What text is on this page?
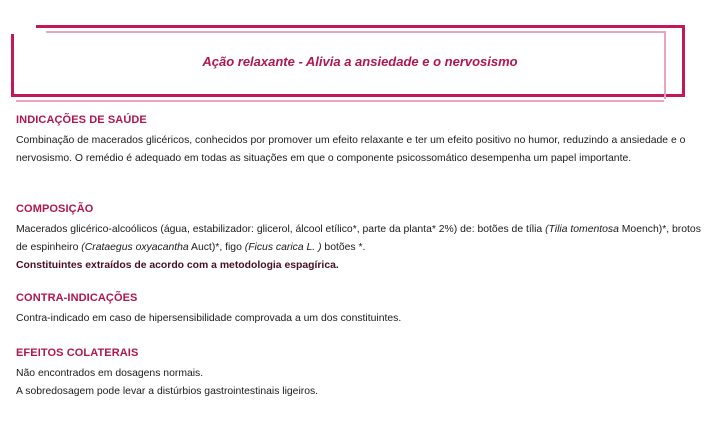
Ação relaxante - Alivia a ansiedade e o nervosismo
INDICAÇÕES DE SAÚDE

Combinação de macerados glicéricos, conhecidos por promover um efeito relaxante e ter um efeito positivo no humor, reduzindo a ansiedade e o nervosismo. O remédio é adequado em todas as situações em que o componente psicossomático desempenha um papel importante.

COMPOSIÇÃO

Macerados glicérico-alcoólicos (água, estabilizador: glicerol, álcool etílico*, parte da planta* 2%) de: botões de tília (Tilia tomentosa Moench)*, brotos de espinheiro (Crataegus oxyacantha Auct)*, figo (Ficus carica L. ) botões *.

Constituintes extraídos de acordo com a metodologia espagírica.

CONTRA-INDICAÇÕES

Contra-indicado em caso de hipersensibilidade comprovada a um dos constituintes.

EFEITOS COLATERAIS

Não encontrados em dosagens normais.

A sobredosagem pode levar a distúrbios gastrointestinais ligeiros.
